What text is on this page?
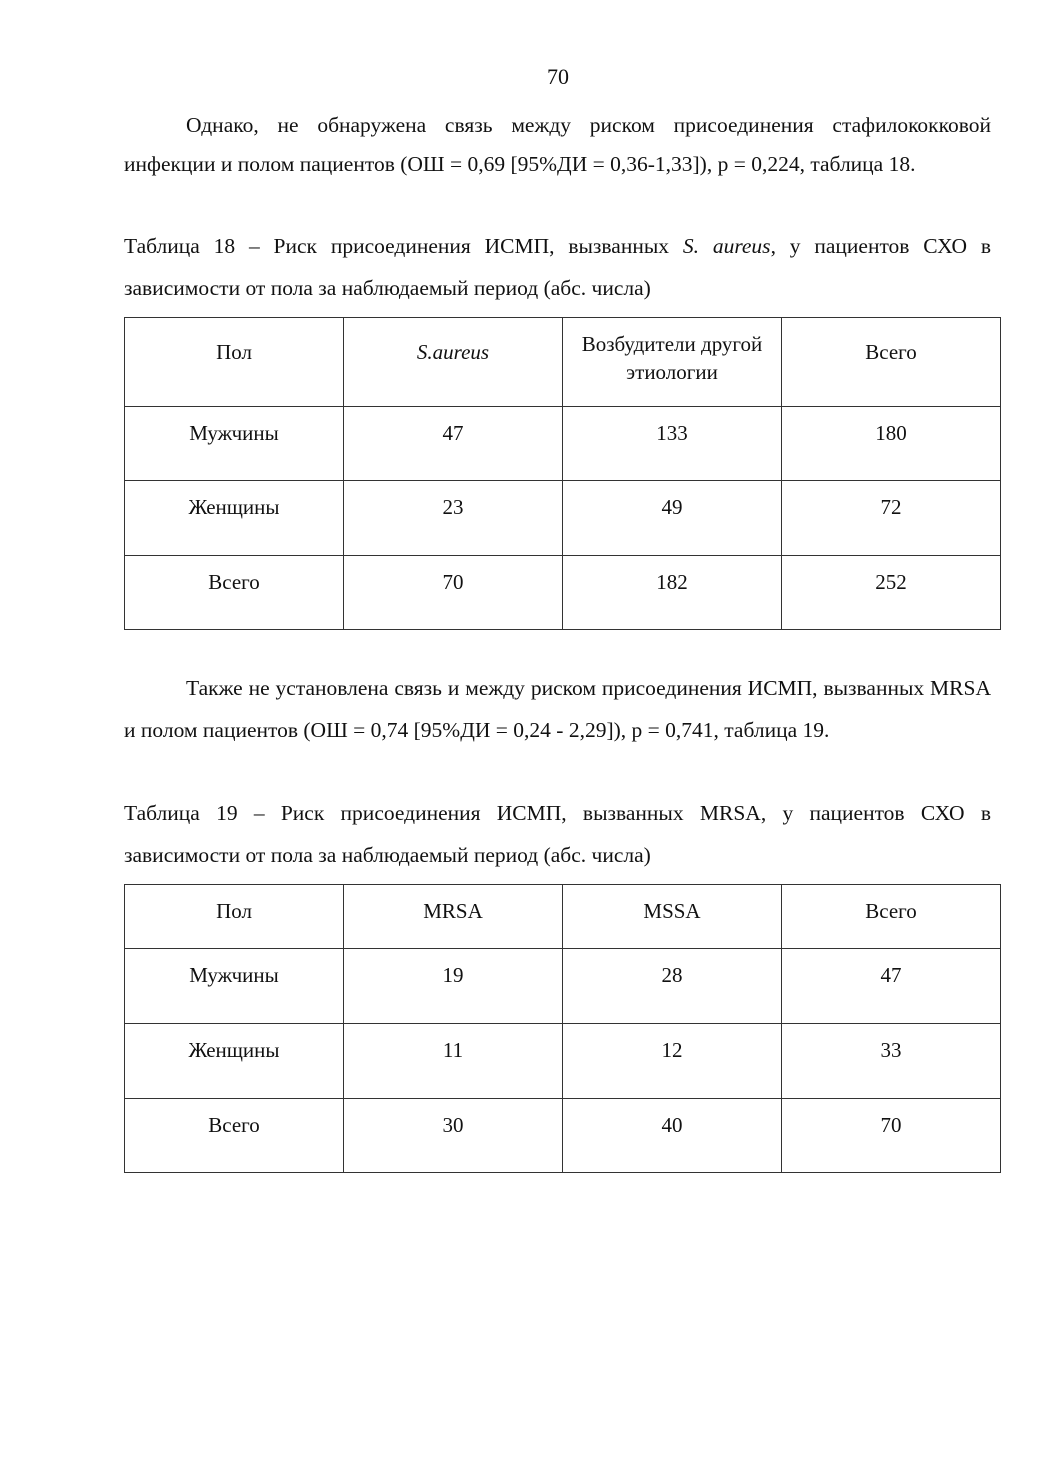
70

Однако, не обнаружена связь между риском присоединения стафилококковой инфекции и полом пациентов (ОШ = 0,69 [95%ДИ = 0,36-1,33]), p = 0,224, таблица 18.

Таблица 18 – Риск присоединения ИСМП, вызванных S. aureus, у пациентов СХО в зависимости от пола за наблюдаемый период (абс. числа)

Пол	S.aureus	Возбудители другой этиологии	Всего
Мужчины	47	133	180
Женщины	23	49	72
Всего	70	182	252

Также не установлена связь и между риском присоединения ИСМП, вызванных MRSA и полом пациентов (ОШ = 0,74 [95%ДИ = 0,24 - 2,29]), p = 0,741, таблица 19.

Таблица 19 – Риск присоединения ИСМП, вызванных MRSA, у пациентов СХО в зависимости от пола за наблюдаемый период (абс. числа)

Пол	MRSA	MSSA	Всего
Мужчины	19	28	47
Женщины	11	12	33
Всего	30	40	70
